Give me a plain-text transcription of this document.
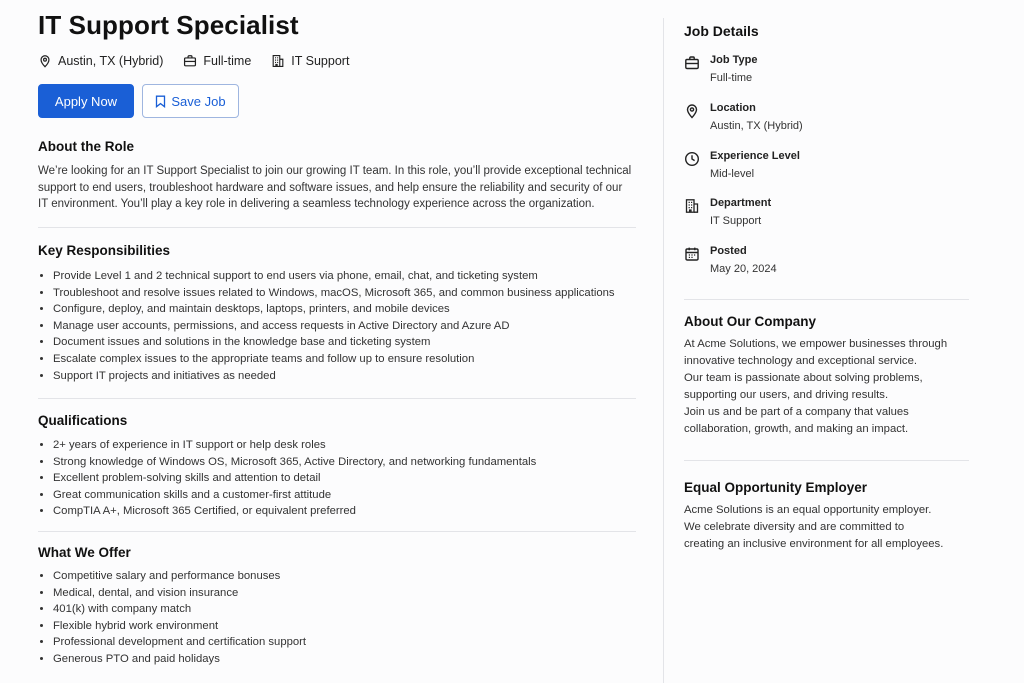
IT Support Specialist
Austin, TX (Hybrid)	Full-time	IT Support
Apply Now	Save Job
About the Role

We’re looking for an IT Support Specialist to join our growing IT team. In this role, you’ll provide exceptional technical support to end users, troubleshoot hardware and software issues, and help ensure the reliability and security of our IT environment. You’ll play a key role in delivering a seamless technology experience across the organization.

Key Responsibilities
• Provide Level 1 and 2 technical support to end users via phone, email, chat, and ticketing system
• Troubleshoot and resolve issues related to Windows, macOS, Microsoft 365, and common business applications
• Configure, deploy, and maintain desktops, laptops, printers, and mobile devices
• Manage user accounts, permissions, and access requests in Active Directory and Azure AD
• Document issues and solutions in the knowledge base and ticketing system
• Escalate complex issues to the appropriate teams and follow up to ensure resolution
• Support IT projects and initiatives as needed
Qualifications
• 2+ years of experience in IT support or help desk roles
• Strong knowledge of Windows OS, Microsoft 365, Active Directory, and networking fundamentals
• Excellent problem-solving skills and attention to detail
• Great communication skills and a customer-first attitude
• CompTIA A+, Microsoft 365 Certified, or equivalent preferred
What We Offer
• Competitive salary and performance bonuses
• Medical, dental, and vision insurance
• 401(k) with company match
• Flexible hybrid work environment
• Professional development and certification support
• Generous PTO and paid holidays
Job Details
Job Type
Full-time
Location
Austin, TX (Hybrid)
Experience Level
Mid-level
Department
IT Support
Posted
May 20, 2024
About Our Company
At Acme Solutions, we empower businesses through
innovative technology and exceptional service.
Our team is passionate about solving problems,
supporting our users, and driving results.
Join us and be part of a company that values
collaboration, growth, and making an impact.
Equal Opportunity Employer
Acme Solutions is an equal opportunity employer.
We celebrate diversity and are committed to
creating an inclusive environment for all employees.
